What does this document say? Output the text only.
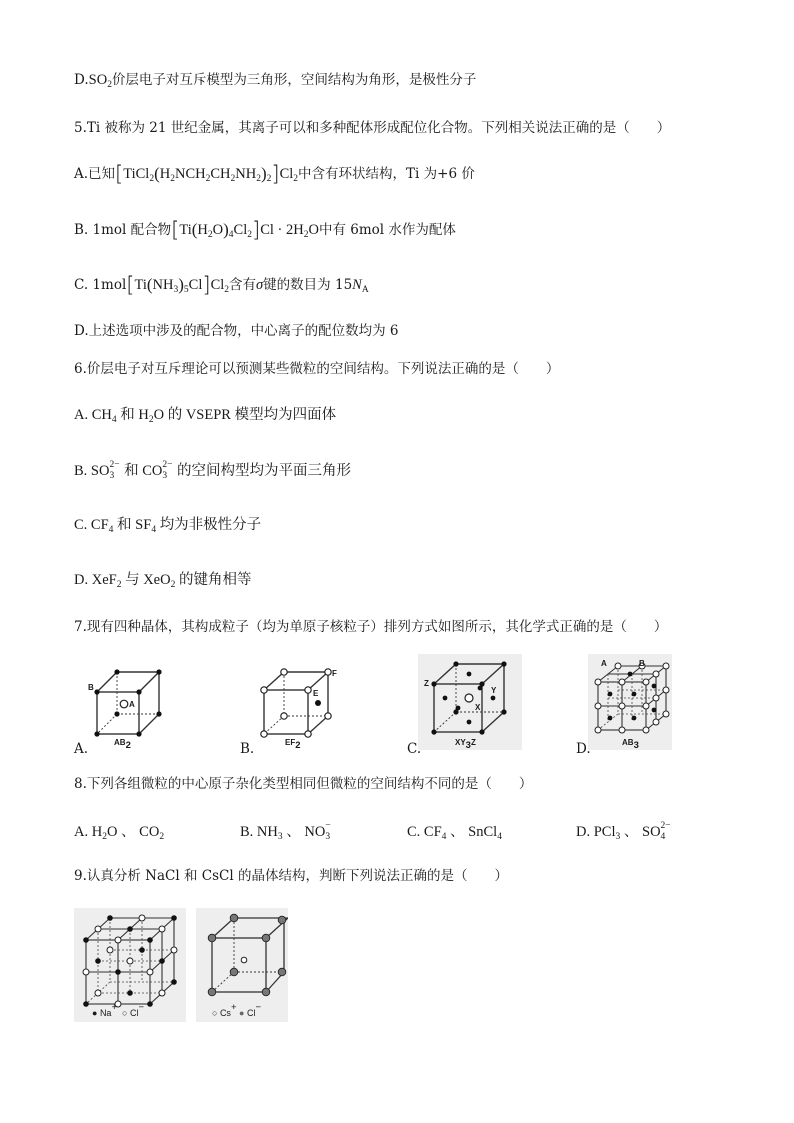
$D.SO_2$价层电子对互斥模型为三角形，空间结构为角形，是极性分子
5.Ti 被称为 21 世纪金属，其离子可以和多种配体形成配位化合物。下列相关说法正确的是（　　）
A.已知$[TiCl_2(H_2NCH_2CH_2NH_2)_2]Cl_2$中含有环状结构，Ti 为+6 价
B. 1mol 配合物$[Ti(H_2O)_4Cl_2]Cl \cdot 2H_2O$中有 6mol 水作为配体
C. $1mol[Ti(NH_3)_5Cl]Cl_2$含有σ键的数目为 $15N_A$
D.上述选项中涉及的配合物，中心离子的配位数均为 6
6.价层电子对互斥理论可以预测某些微粒的空间结构。下列说法正确的是（　　）
A. $CH_4$ 和 $H_2O$ 的 VSEPR 模型均为四面体
B. SO 2−
3 和 CO 2−
3 的空间构型均为平面三角形
C. $CF_4$ 和 $SF_4$ 均为非极性分子
D. XeF$_2$ 与 XeO$_2$ 的键角相等
7.现有四种晶体，其构成粒子（均为单原子核粒子）排列方式如图所示，其化学式正确的是（　　）
B
A
$AB_2$
A.
F
E
$EF_2$
B.
Z
Y
X
$XY_3Z$
C.
A	B
$AB_3$
D.
8.下列各组微粒的中心原子杂化类型相同但微粒的空间结构不同的是（　　）
A. $H_2O$ 、 $CO_2$	B. $NH_3$ 、 NO −
3	C. $CF_4$ 、 SnCl$_4$	D. PCl$_3$ 、 SO 2−
4
9.认真分析 NaCl 和 CsCl 的晶体结构，判断下列说法正确的是（　　）
● Na+  ○ Cl−	○ Cs+ ● Cl−
